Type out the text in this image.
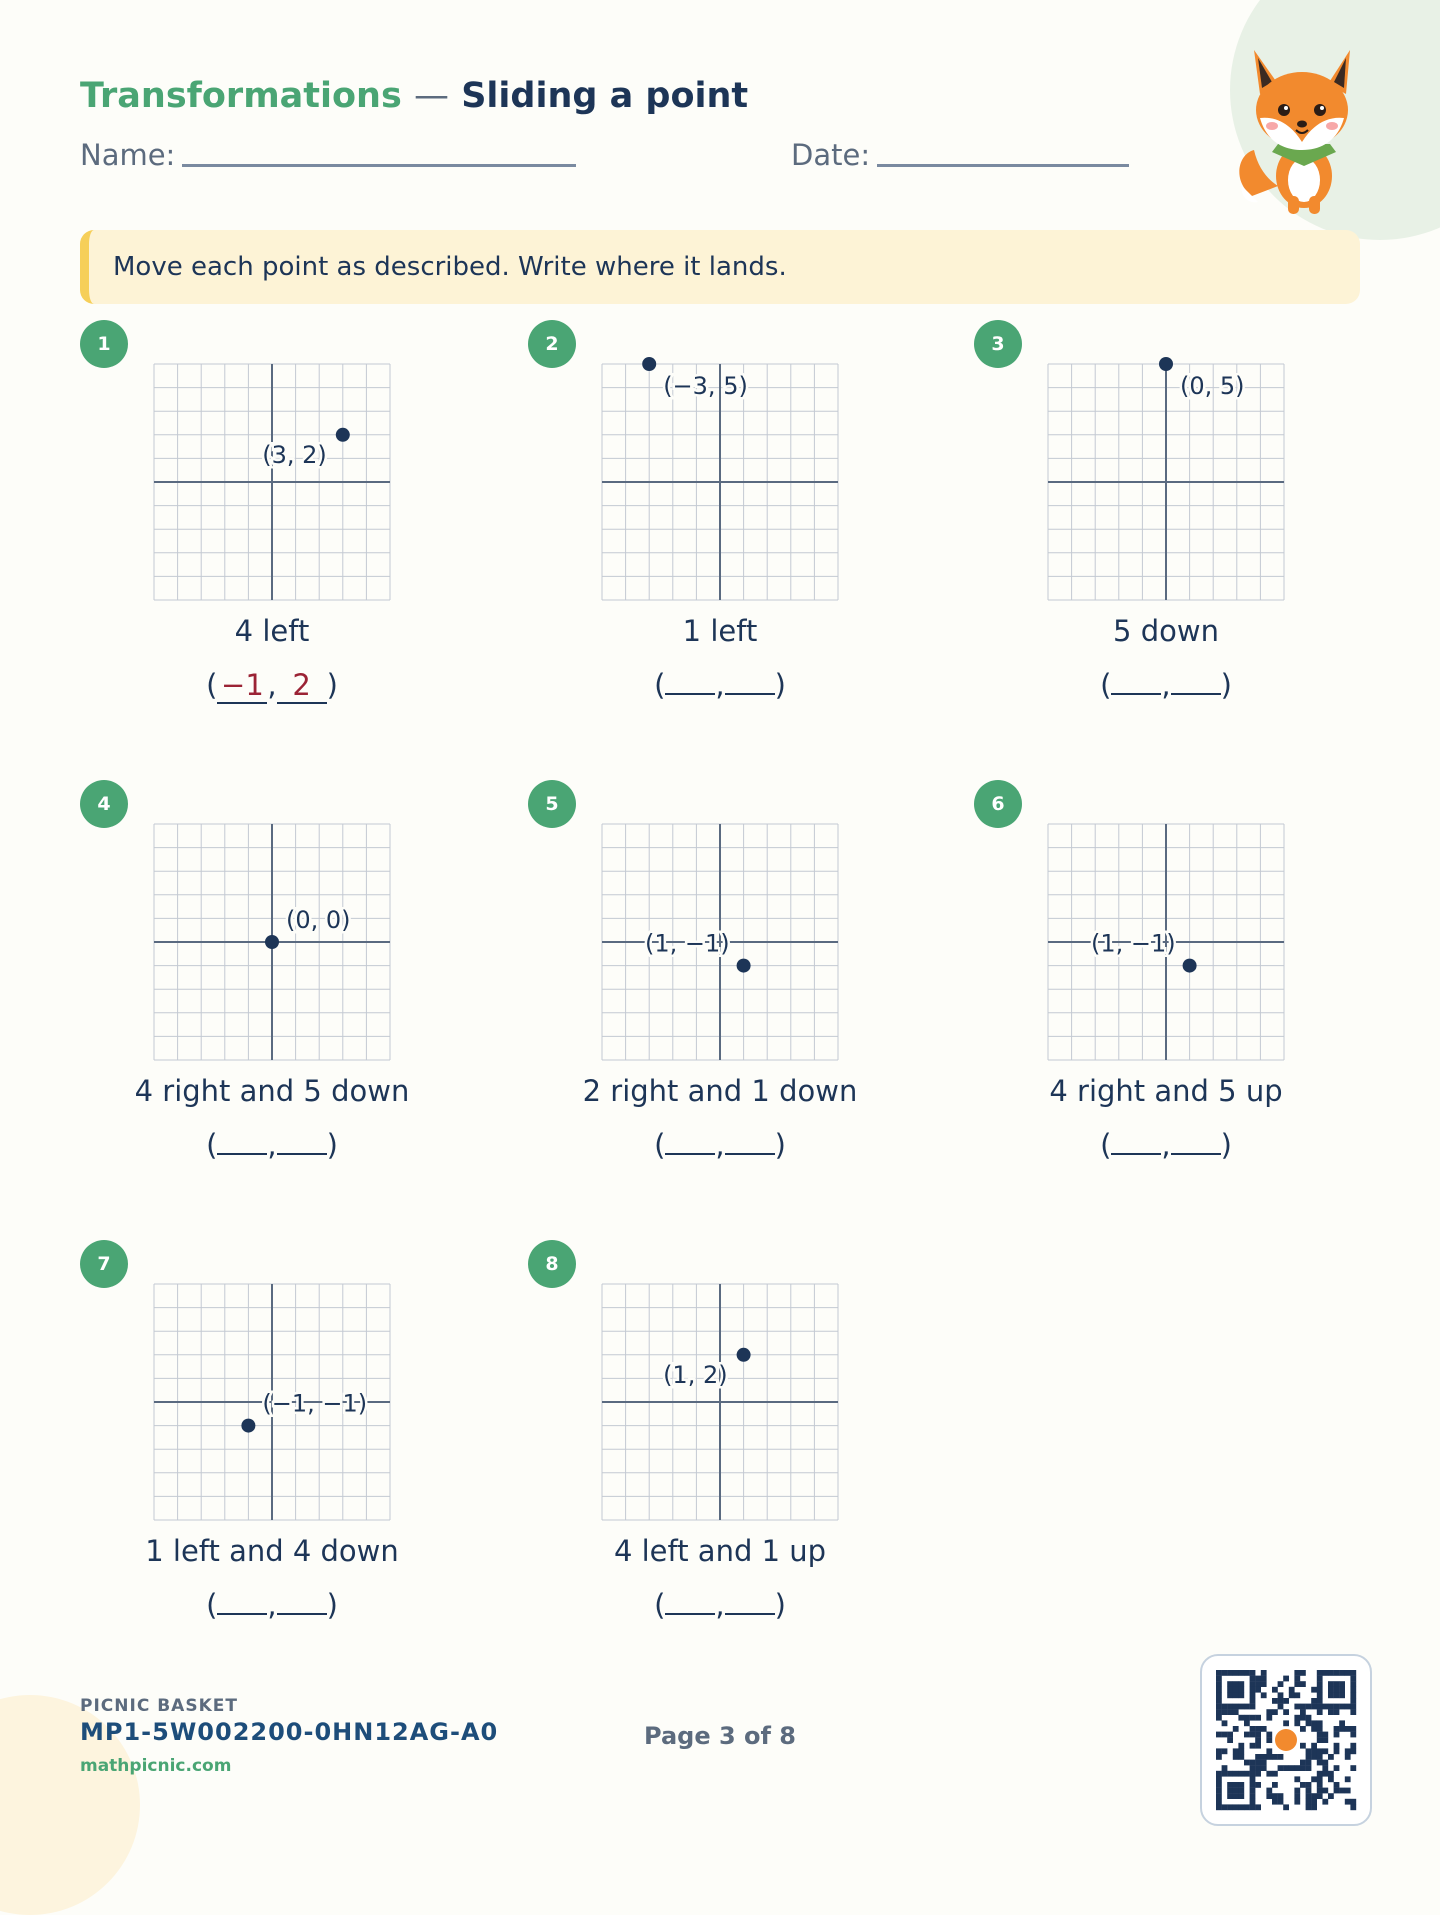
Transformations — Sliding a point
Name:	Date:
Move each point as described. Write where it lands.
1
(3, 2)
4 left
( −1 , 2 )
2
(−3, 5)
1 left
( , )
3
(0, 5)
5 down
( , )
4
(0, 0)
4 right and 5 down
( , )
5
(1, −1)
2 right and 1 down
( , )
6
(1, −1)
4 right and 5 up
( , )
7
(−1, −1)
1 left and 4 down
( , )
8
(1, 2)
4 left and 1 up
( , )
PICNIC BASKET
MP1-5W002200-0HN12AG-A0
mathpicnic.com
Page 3 of 8
